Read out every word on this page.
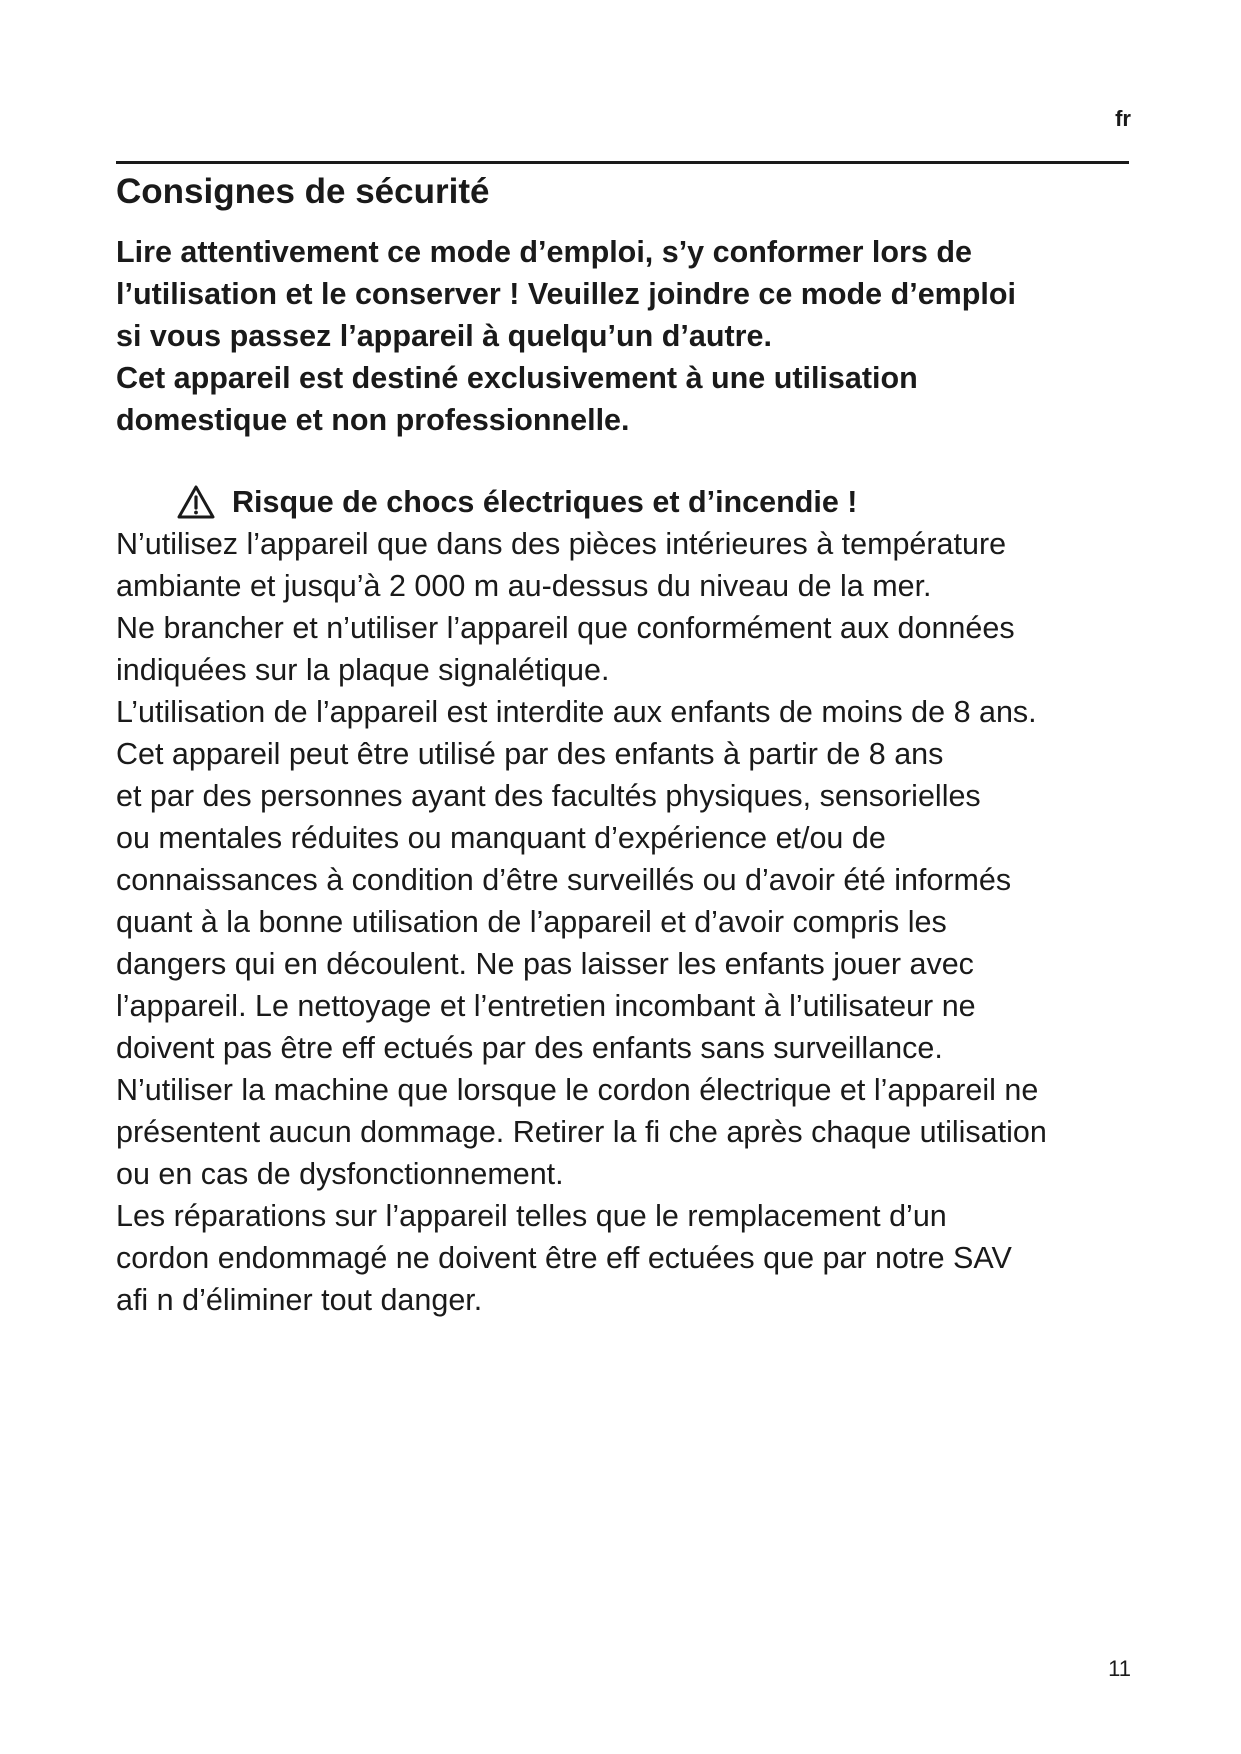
fr
Consignes de sécurité
Lire attentivement ce mode d’emploi, s’y conformer lors de
l’utilisation et le conserver ! Veuillez joindre ce mode d’emploi
si vous passez l’appareil à quelqu’un d’autre.
Cet appareil est destiné exclusivement à une utilisation
domestique et non professionnelle.
Risque de chocs électriques et d’incendie !
N’utilisez l’appareil que dans des pièces intérieures à température
ambiante et jusqu’à 2 000 m au-dessus du niveau de la mer.
Ne brancher et n’utiliser l’appareil que conformément aux données
indiquées sur la plaque signalétique.
L’utilisation de l’appareil est interdite aux enfants de moins de 8 ans.
Cet appareil peut être utilisé par des enfants à partir de 8 ans
et par des personnes ayant des facultés physiques, sensorielles
ou mentales réduites ou manquant d’expérience et/ou de
connaissances à condition d’être surveillés ou d’avoir été informés
quant à la bonne utilisation de l’appareil et d’avoir compris les
dangers qui en découlent. Ne pas laisser les enfants jouer avec
l’appareil. Le nettoyage et l’entretien incombant à l’utilisateur ne
doivent pas être eff ectués par des enfants sans surveillance.
N’utiliser la machine que lorsque le cordon électrique et l’appareil ne
présentent aucun dommage. Retirer la fi che après chaque utilisation
ou en cas de dysfonctionnement.
Les réparations sur l’appareil telles que le remplacement d’un
cordon endommagé ne doivent être eff ectuées que par notre SAV
afi n d’éliminer tout danger.
11
